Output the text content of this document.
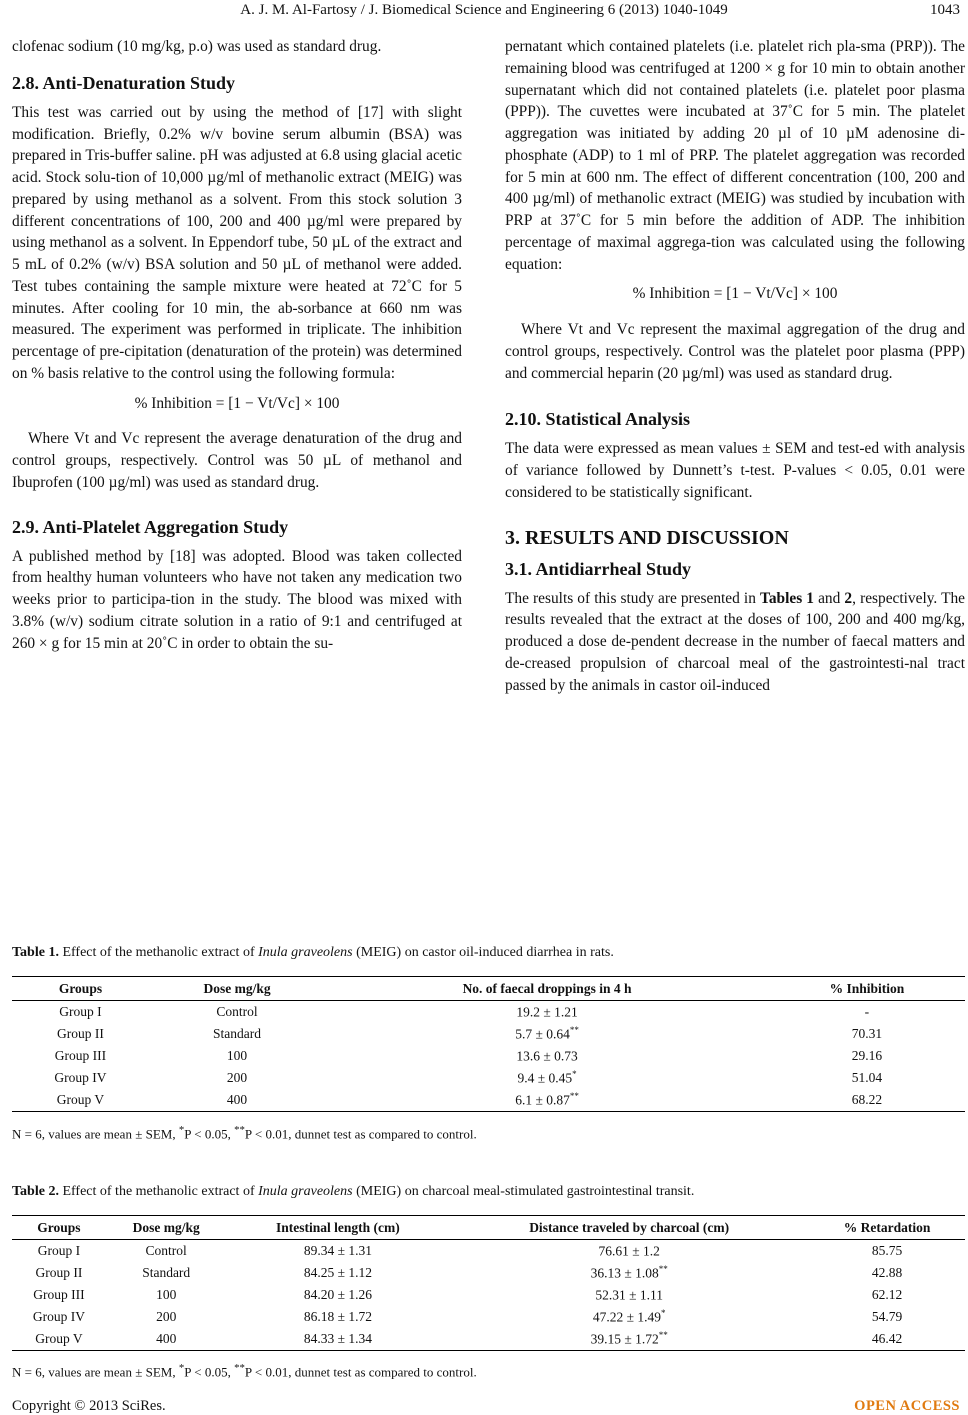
A. J. M. Al-Fartosy / J. Biomedical Science and Engineering 6 (2013) 1040-1049	1043

clofenac sodium (10 mg/kg, p.o) was used as standard drug.

2.8. Anti-Denaturation Study

This test was carried out by using the method of [17] with slight modification. Briefly, 0.2% w/v bovine serum albumin (BSA) was prepared in Tris-buffer saline. pH was adjusted at 6.8 using glacial acetic acid. Stock solu-tion of 10,000 µg/ml of methanolic extract (MEIG) was prepared by using methanol as a solvent. From this stock solution 3 different concentrations of 100, 200 and 400 µg/ml were prepared by using methanol as a solvent. In Eppendorf tube, 50 µL of the extract and 5 mL of 0.2% (w/v) BSA solution and 50 µL of methanol were added. Test tubes containing the sample mixture were heated at 72˚C for 5 minutes. After cooling for 10 min, the ab-sorbance at 660 nm was measured. The experiment was performed in triplicate. The inhibition percentage of pre-cipitation (denaturation of the protein) was determined on % basis relative to the control using the following formula:

% Inhibition = [1 − Vt/Vc] × 100

Where Vt and Vc represent the average denaturation of the drug and control groups, respectively. Control was 50 µL of methanol and Ibuprofen (100 µg/ml) was used as standard drug.

2.9. Anti-Platelet Aggregation Study

A published method by [18] was adopted. Blood was taken collected from healthy human volunteers who have not taken any medication two weeks prior to participa-tion in the study. The blood was mixed with 3.8% (w/v) sodium citrate solution in a ratio of 9:1 and centrifuged at 260 × g for 15 min at 20˚C in order to obtain the su-

pernatant which contained platelets (i.e. platelet rich pla-sma (PRP)). The remaining blood was centrifuged at 1200 × g for 10 min to obtain another supernatant which did not contained platelets (i.e. platelet poor plasma (PPP)). The cuvettes were incubated at 37˚C for 5 min. The platelet aggregation was initiated by adding 20 µl of 10 µM adenosine di-phosphate (ADP) to 1 ml of PRP. The platelet aggregation was recorded for 5 min at 600 nm. The effect of different concentration (100, 200 and 400 µg/ml) of methanolic extract (MEIG) was studied by incubation with PRP at 37˚C for 5 min before the addition of ADP. The inhibition percentage of maximal aggrega-tion was calculated using the following equation:

% Inhibition = [1 − Vt/Vc] × 100

Where Vt and Vc represent the maximal aggregation of the drug and control groups, respectively. Control was the platelet poor plasma (PPP) and commercial heparin (20 µg/ml) was used as standard drug.

2.10. Statistical Analysis

The data were expressed as mean values ± SEM and test-ed with analysis of variance followed by Dunnett’s t-test. P-values < 0.05, 0.01 were considered to be statistically significant.

3. RESULTS AND DISCUSSION
3.1. Antidiarrheal Study

The results of this study are presented in Tables 1 and 2, respectively. The results revealed that the extract at the doses of 100, 200 and 400 mg/kg, produced a dose de-pendent decrease in the number of faecal matters and de-creased propulsion of charcoal meal of the gastrointesti-nal tract passed by the animals in castor oil-induced

Table 1. Effect of the methanolic extract of Inula graveolens (MEIG) on castor oil-induced diarrhea in rats.
Groups	Dose mg/kg	No. of faecal droppings in 4 h	% Inhibition
Group I	Control	19.2 ± 1.21	-
Group II	Standard	5.7 ± 0.64**	70.31
Group III	100	13.6 ± 0.73	29.16
Group IV	200	9.4 ± 0.45*	51.04
Group V	400	6.1 ± 0.87**	68.22
N = 6, values are mean ± SEM, *P < 0.05, **P < 0.01, dunnet test as compared to control.
Table 2. Effect of the methanolic extract of Inula graveolens (MEIG) on charcoal meal-stimulated gastrointestinal transit.
Groups	Dose mg/kg	Intestinal length (cm)	Distance traveled by charcoal (cm)	% Retardation
Group I	Control	89.34 ± 1.31	76.61 ± 1.2	85.75
Group II	Standard	84.25 ± 1.12	36.13 ± 1.08**	42.88
Group III	100	84.20 ± 1.26	52.31 ± 1.11	62.12
Group IV	200	86.18 ± 1.72	47.22 ± 1.49*	54.79
Group V	400	84.33 ± 1.34	39.15 ± 1.72**	46.42
N = 6, values are mean ± SEM, *P < 0.05, **P < 0.01, dunnet test as compared to control.
Copyright © 2013 SciRes.	OPEN ACCESS
